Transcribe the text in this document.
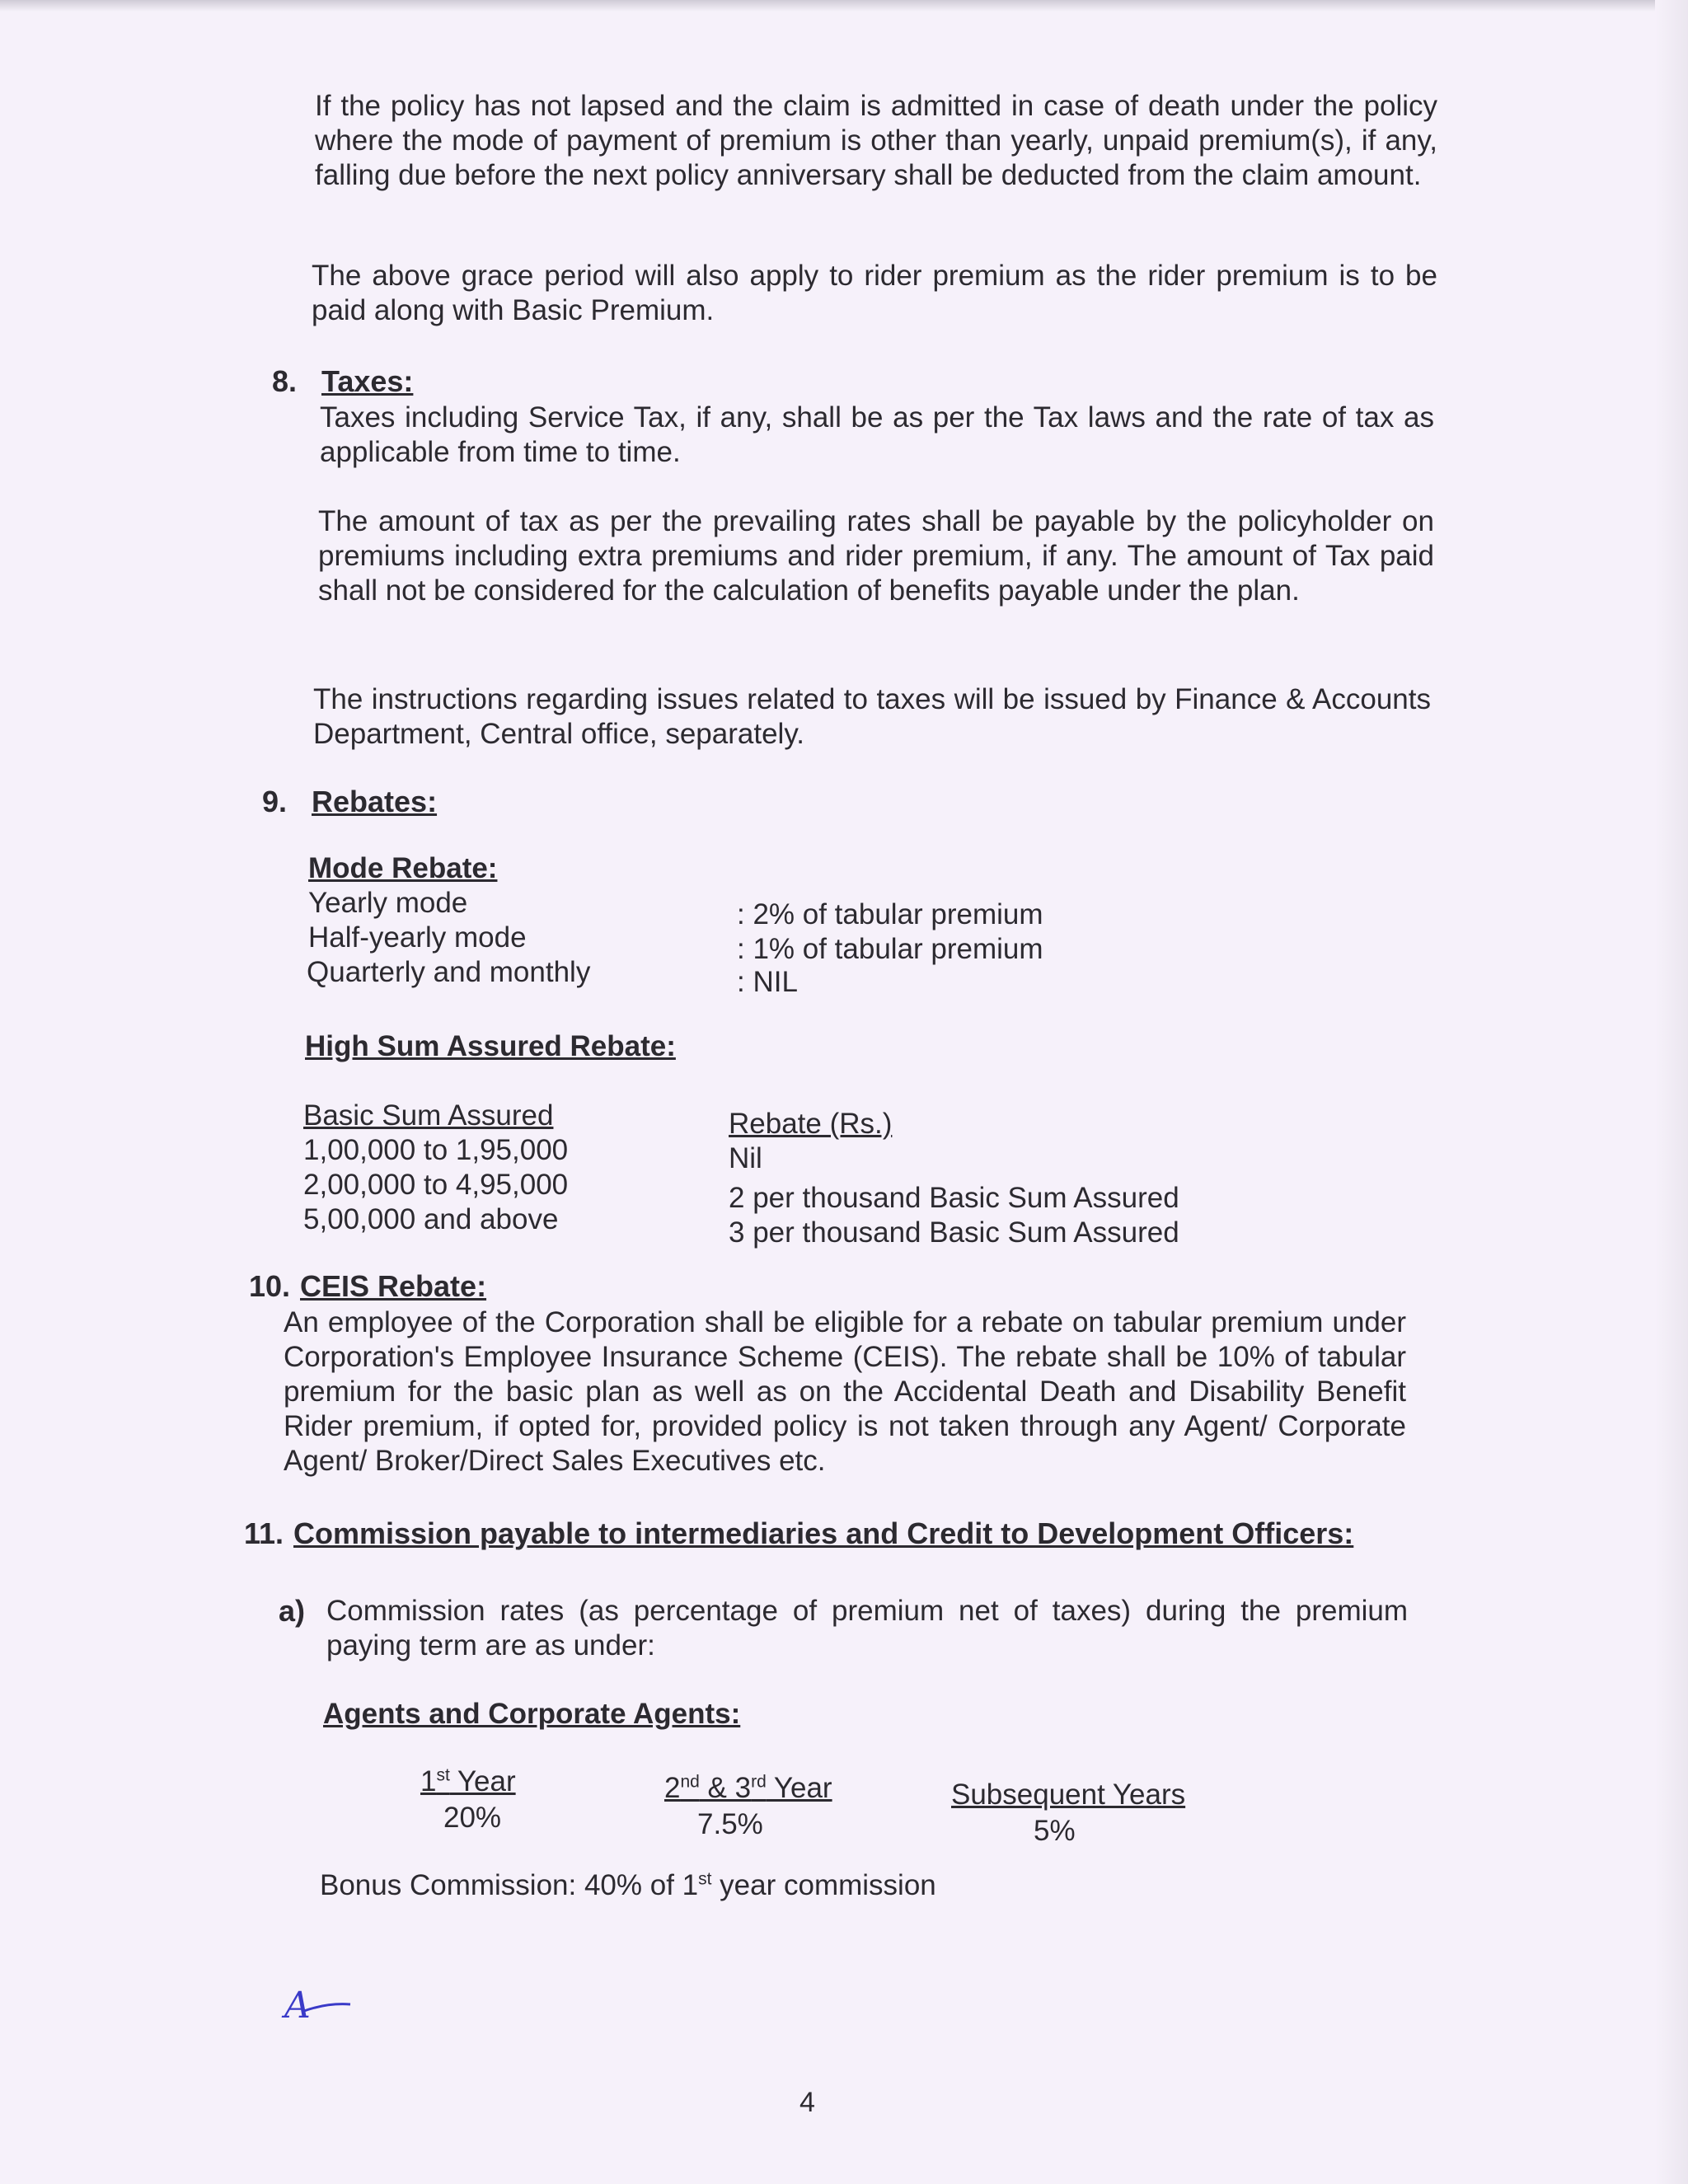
If the policy has not lapsed and the claim is admitted in case of death under the policy where the mode of payment of premium is other than yearly, unpaid premium(s), if any, falling due before the next policy anniversary shall be deducted from the claim amount.

The above grace period will also apply to rider premium as the rider premium is to be paid along with Basic Premium.

8. Taxes:

Taxes including Service Tax, if any, shall be as per the Tax laws and the rate of tax as applicable from time to time.

The amount of tax as per the prevailing rates shall be payable by the policyholder on premiums including extra premiums and rider premium, if any. The amount of Tax paid shall not be considered for the calculation of benefits payable under the plan.

The instructions regarding issues related to taxes will be issued by Finance & Accounts Department, Central office, separately.

9. Rebates:
Mode Rebate:
Yearly mode
Half-yearly mode
Quarterly and monthly
: 2% of tabular premium
: 1% of tabular premium
: NIL
High Sum Assured Rebate:
Basic Sum Assured
1,00,000 to 1,95,000
2,00,000 to 4,95,000
5,00,000 and above
Rebate (Rs.)
Nil
2 per thousand Basic Sum Assured
3 per thousand Basic Sum Assured
10. CEIS Rebate:

An employee of the Corporation shall be eligible for a rebate on tabular premium under Corporation's Employee Insurance Scheme (CEIS). The rebate shall be 10% of tabular premium for the basic plan as well as on the Accidental Death and Disability Benefit Rider premium, if opted for, provided policy is not taken through any Agent/ Corporate Agent/ Broker/Direct Sales Executives etc.

11. Commission payable to intermediaries and Credit to Development Officers:
a) Commission rates (as percentage of premium net of taxes) during the premium paying term are as under:

Agents and Corporate Agents:
1st Year
20%
2nd & 3rd Year
7.5%
Subsequent Years
5%
Bonus Commission: 40% of 1st year commission
A
4
